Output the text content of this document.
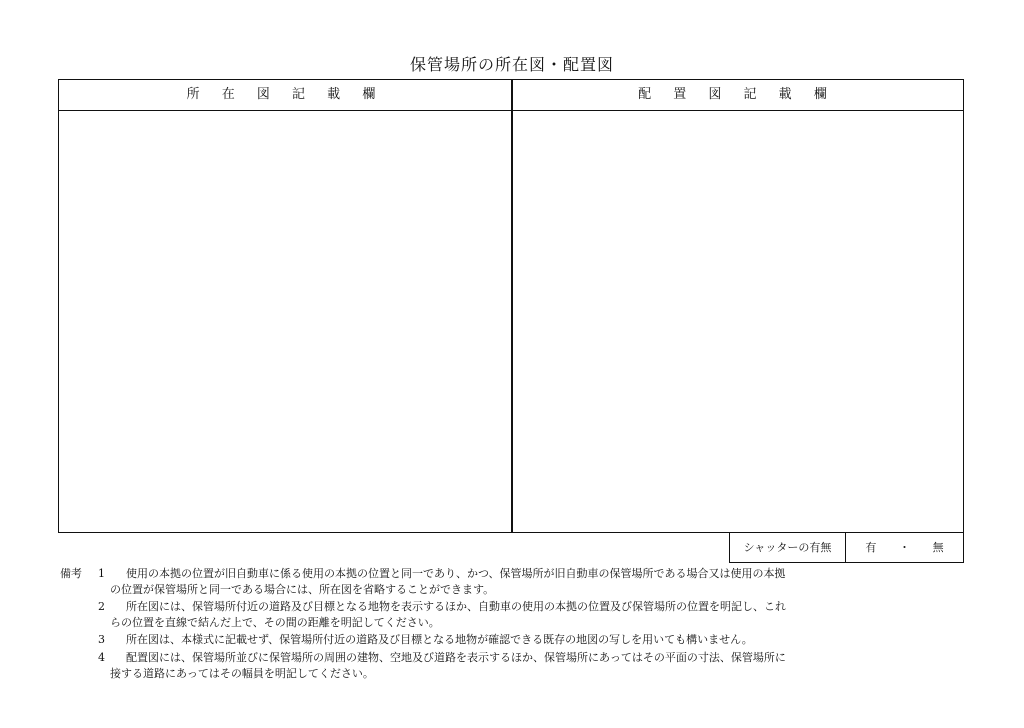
保管場所の所在図・配置図
所 在 図 記 載 欄	配 置 図 記 載 欄
シャッターの有無	有 ・ 無
備考 1	使用の本拠の位置が旧自動車に係る使用の本拠の位置と同一であり、かつ、保管場所が旧自動車の保管場所である場合又は使用の本拠
の位置が保管場所と同一である場合には、所在図を省略することができます。
2	所在図には、保管場所付近の道路及び目標となる地物を表示するほか、自動車の使用の本拠の位置及び保管場所の位置を明記し、これ
らの位置を直線で結んだ上で、その間の距離を明記してください。
3	所在図は、本様式に記載せず、保管場所付近の道路及び目標となる地物が確認できる既存の地図の写しを用いても構いません。
4	配置図には、保管場所並びに保管場所の周囲の建物、空地及び道路を表示するほか、保管場所にあってはその平面の寸法、保管場所に
接する道路にあってはその幅員を明記してください。
